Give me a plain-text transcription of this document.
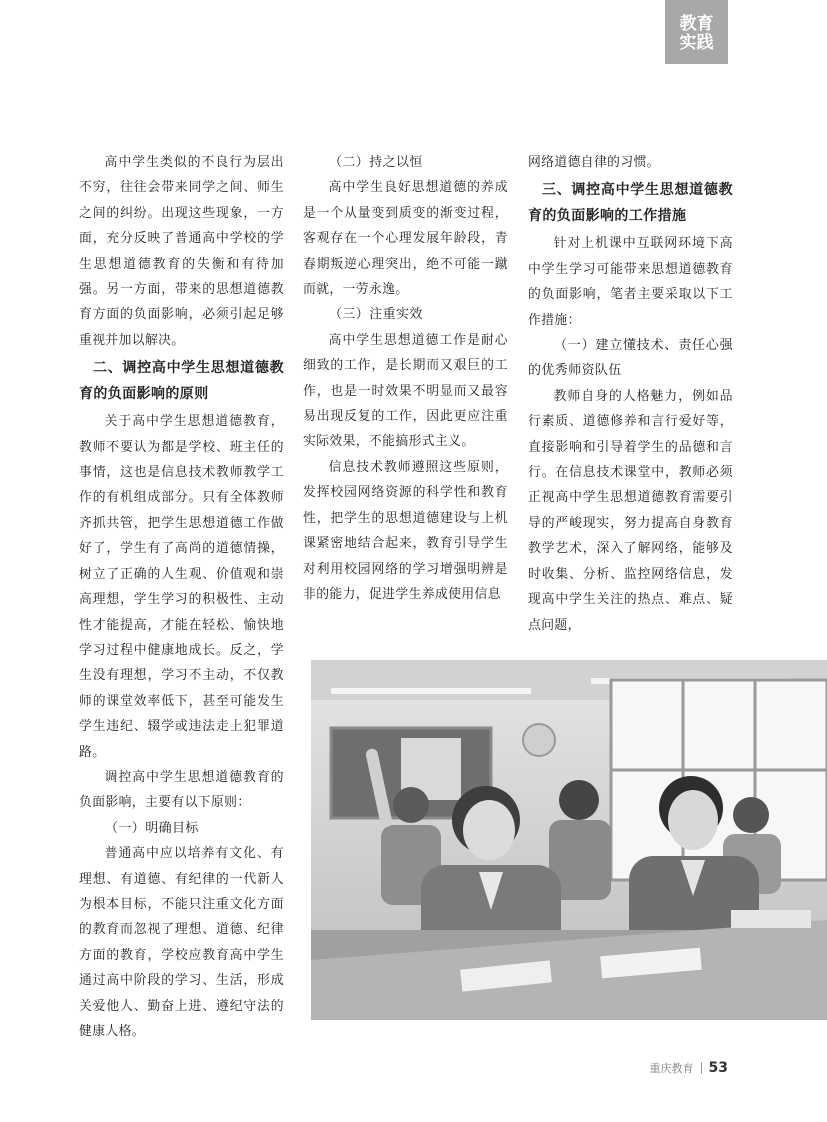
教育
实践

高中学生类似的不良行为层出不穷，往往会带来同学之间、师生之间的纠纷。出现这些现象，一方面，充分反映了普通高中学校的学生思想道德教育的失衡和有待加强。另一方面，带来的思想道德教育方面的负面影响，必须引起足够重视并加以解决。

二、调控高中学生思想道德教育的负面影响的原则

关于高中学生思想道德教育，教师不要认为都是学校、班主任的事情，这也是信息技术教师教学工作的有机组成部分。只有全体教师齐抓共管，把学生思想道德工作做好了，学生有了高尚的道德情操，树立了正确的人生观、价值观和崇高理想，学生学习的积极性、主动性才能提高，才能在轻松、愉快地学习过程中健康地成长。反之，学生没有理想，学习不主动，不仅教师的课堂效率低下，甚至可能发生学生违纪、辍学或违法走上犯罪道路。

调控高中学生思想道德教育的负面影响，主要有以下原则：

（一）明确目标

普通高中应以培养有文化、有理想、有道德、有纪律的一代新人为根本目标，不能只注重文化方面的教育而忽视了理想、道德、纪律方面的教育，学校应教育高中学生通过高中阶段的学习、生活，形成关爱他人、勤奋上进、遵纪守法的健康人格。

（二）持之以恒

高中学生良好思想道德的养成是一个从量变到质变的渐变过程，客观存在一个心理发展年龄段，青春期叛逆心理突出，绝不可能一蹴而就，一劳永逸。

（三）注重实效

高中学生思想道德工作是耐心细致的工作，是长期而又艰巨的工作，也是一时效果不明显而又最容易出现反复的工作，因此更应注重实际效果，不能搞形式主义。

信息技术教师遵照这些原则，发挥校园网络资源的科学性和教育性，把学生的思想道德建设与上机课紧密地结合起来，教育引导学生对利用校园网络的学习增强明辨是非的能力，促进学生养成使用信息

网络道德自律的习惯。

三、调控高中学生思想道德教育的负面影响的工作措施

针对上机课中互联网环境下高中学生学习可能带来思想道德教育的负面影响，笔者主要采取以下工作措施：

（一）建立懂技术、责任心强的优秀师资队伍

教师自身的人格魅力，例如品行素质、道德修养和言行爱好等，直接影响和引导着学生的品德和言行。在信息技术课堂中，教师必须正视高中学生思想道德教育需要引导的严峻现实，努力提高自身教育教学艺术，深入了解网络，能够及时收集、分析、监控网络信息，发现高中学生关注的热点、难点、疑点问题，

重庆教育 53
